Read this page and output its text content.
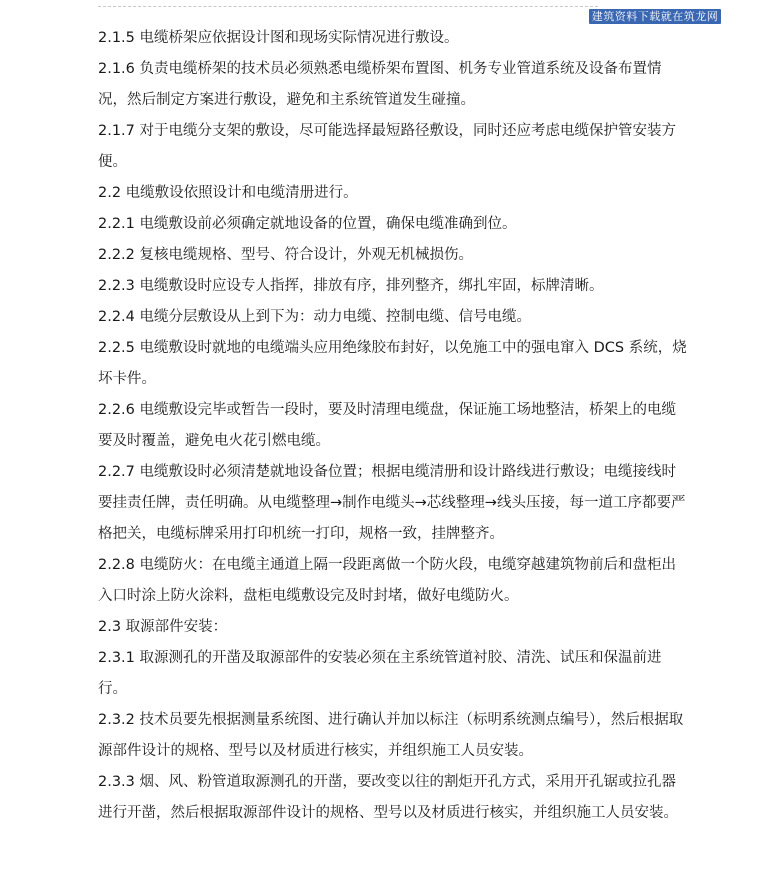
建筑资料下载就在筑龙网

2.1.5 电缆桥架应依据设计图和现场实际情况进行敷设。

2.1.6 负责电缆桥架的技术员必须熟悉电缆桥架布置图、机务专业管道系统及设备布置情况，然后制定方案进行敷设，避免和主系统管道发生碰撞。

2.1.7 对于电缆分支架的敷设，尽可能选择最短路径敷设，同时还应考虑电缆保护管安装方便。

2.2 电缆敷设依照设计和电缆清册进行。

2.2.1 电缆敷设前必须确定就地设备的位置，确保电缆准确到位。

2.2.2 复核电缆规格、型号、符合设计，外观无机械损伤。

2.2.3 电缆敷设时应设专人指挥，排放有序，排列整齐，绑扎牢固，标牌清晰。

2.2.4 电缆分层敷设从上到下为：动力电缆、控制电缆、信号电缆。

2.2.5 电缆敷设时就地的电缆端头应用绝缘胶布封好，以免施工中的强电窜入 DCS 系统，烧坏卡件。

2.2.6 电缆敷设完毕或暂告一段时，要及时清理电缆盘，保证施工场地整洁，桥架上的电缆要及时覆盖，避免电火花引燃电缆。

2.2.7 电缆敷设时必须清楚就地设备位置；根据电缆清册和设计路线进行敷设；电缆接线时要挂责任牌，责任明确。从电缆整理→制作电缆头→芯线整理→线头压接，每一道工序都要严格把关，电缆标牌采用打印机统一打印，规格一致，挂牌整齐。

2.2.8 电缆防火：在电缆主通道上隔一段距离做一个防火段，电缆穿越建筑物前后和盘柜出入口时涂上防火涂料，盘柜电缆敷设完及时封堵，做好电缆防火。

2.3 取源部件安装：

2.3.1 取源测孔的开凿及取源部件的安装必须在主系统管道衬胶、清洗、试压和保温前进行。

2.3.2 技术员要先根据测量系统图、进行确认并加以标注（标明系统测点编号），然后根据取源部件设计的规格、型号以及材质进行核实，并组织施工人员安装。

2.3.3 烟、风、粉管道取源测孔的开凿，要改变以往的割炬开孔方式，采用开孔锯或拉孔器进行开凿，然后根据取源部件设计的规格、型号以及材质进行核实，并组织施工人员安装。
